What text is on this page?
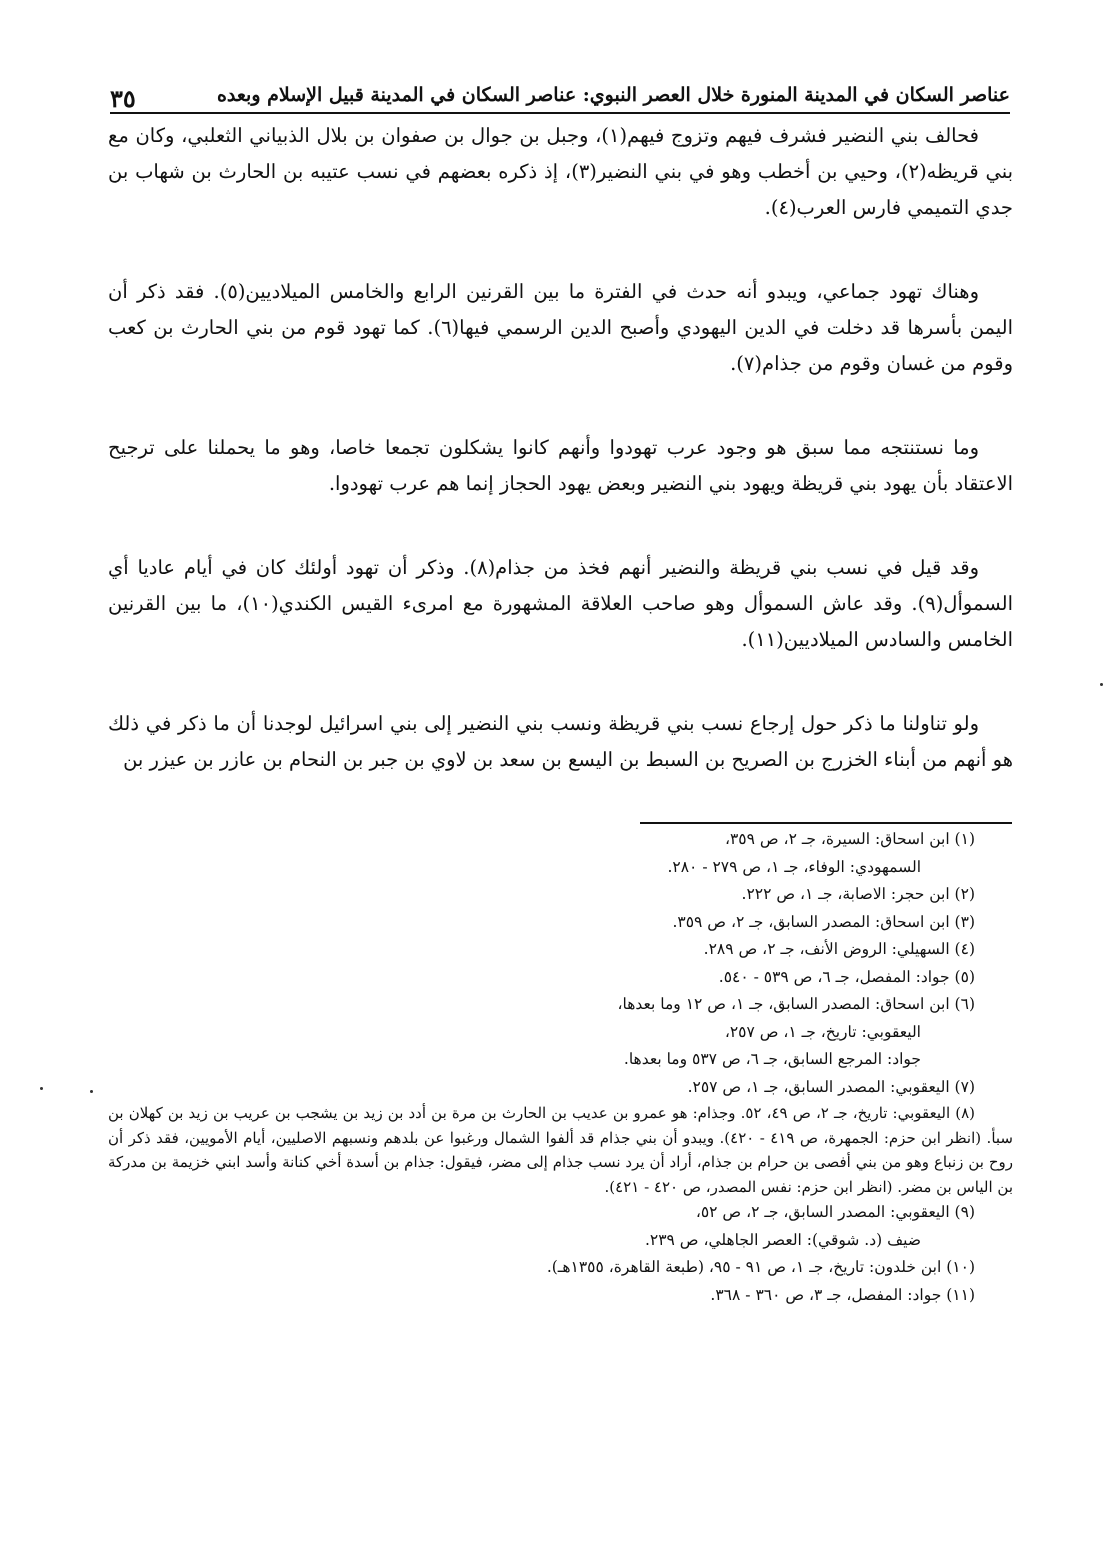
عناصر السكان في المدينة المنورة خلال العصر النبوي: عناصر السكان في المدينة قبيل الإسلام وبعده
٣٥

فحالف بني النضير فشرف فيهم وتزوج فيهم(١)، وجبل بن جوال بن صفوان بن بلال الذبياني الثعلبي، وكان مع بني قريظه(٢)، وحيي بن أخطب وهو في بني النضير(٣)، إذ ذكره بعضهم في نسب عتيبه بن الحارث بن شهاب بن جدي التميمي فارس العرب(٤).

وهناك تهود جماعي، ويبدو أنه حدث في الفترة ما بين القرنين الرابع والخامس الميلاديين(٥). فقد ذكر أن اليمن بأسرها قد دخلت في الدين اليهودي وأصبح الدين الرسمي فيها(٦). كما تهود قوم من بني الحارث بن كعب وقوم من غسان وقوم من جذام(٧).

وما نستنتجه مما سبق هو وجود عرب تهودوا وأنهم كانوا يشكلون تجمعا خاصا، وهو ما يحملنا على ترجيح الاعتقاد بأن يهود بني قريظة ويهود بني النضير وبعض يهود الحجاز إنما هم عرب تهودوا.

وقد قيل في نسب بني قريظة والنضير أنهم فخذ من جذام(٨). وذكر أن تهود أولئك كان في أيام عاديا أي السموأل(٩). وقد عاش السموأل وهو صاحب العلاقة المشهورة مع امرىء القيس الكندي(١٠)، ما بين القرنين الخامس والسادس الميلاديين(١١).

ولو تناولنا ما ذكر حول إرجاع نسب بني قريظة ونسب بني النضير إلى بني اسرائيل لوجدنا أن ما ذكر في ذلك هو أنهم من أبناء الخزرج بن الصريح بن السبط بن اليسع بن سعد بن لاوي بن جبر بن النحام بن عازر بن عيزر بن

(١) ابن اسحاق: السيرة، جـ ٢، ص ٣٥٩،

السمهودي: الوفاء، جـ ١، ص ٢٧٩ - ٢٨٠.

(٢) ابن حجر: الاصابة، جـ ١، ص ٢٢٢.

(٣) ابن اسحاق: المصدر السابق، جـ ٢، ص ٣٥٩.

(٤) السهيلي: الروض الأنف، جـ ٢، ص ٢٨٩.

(٥) جواد: المفصل، جـ ٦، ص ٥٣٩ - ٥٤٠.

(٦) ابن اسحاق: المصدر السابق، جـ ١، ص ١٢ وما بعدها،

اليعقوبي: تاريخ، جـ ١، ص ٢٥٧،

جواد: المرجع السابق، جـ ٦، ص ٥٣٧ وما بعدها.

(٧) اليعقوبي: المصدر السابق، جـ ١، ص ٢٥٧.

(٨) اليعقوبي: تاريخ، جـ ٢، ص ٤٩، ٥٢. وجذام: هو عمرو بن عديب بن الحارث بن مرة بن أدد بن زيد بن يشجب بن عريب بن زيد بن كهلان بن سبأ. (انظر ابن حزم: الجمهرة، ص ٤١٩ - ٤٢٠). ويبدو أن بني جذام قد ألفوا الشمال ورغبوا عن بلدهم ونسبهم الاصليين، أيام الأمويين، فقد ذكر أن روح بن زنباع وهو من بني أفصى بن حرام بن جذام، أراد أن يرد نسب جذام إلى مضر، فيقول: جذام بن أسدة أخي كنانة وأسد ابني خزيمة بن مدركة بن الياس بن مضر. (انظر ابن حزم: نفس المصدر، ص ٤٢٠ - ٤٢١).

(٩) اليعقوبي: المصدر السابق، جـ ٢، ص ٥٢،

ضيف (د. شوقي): العصر الجاهلي، ص ٢٣٩.

(١٠) ابن خلدون: تاريخ، جـ ١، ص ٩١ - ٩٥، (طبعة القاهرة، ١٣٥٥هـ).

(١١) جواد: المفصل، جـ ٣، ص ٣٦٠ - ٣٦٨.
